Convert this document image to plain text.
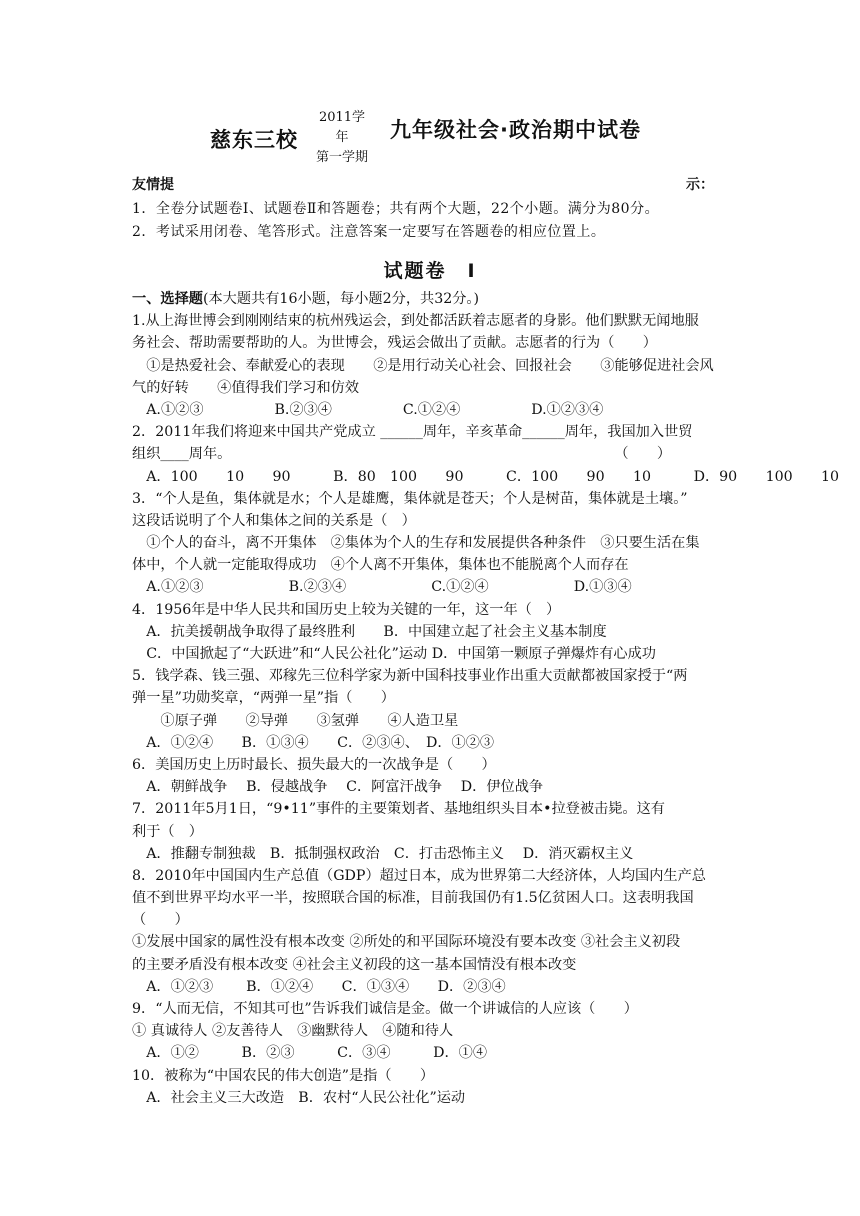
慈东三校
2011学
年
第一学期
九年级社会·政治期中试卷
友情提	示：
1．全卷分试题卷Ⅰ、试题卷Ⅱ和答题卷；共有两个大题，22个小题。满分为80分。
2．考试采用闭卷、笔答形式。注意答案一定要写在答题卷的相应位置上。
试题卷　Ⅰ
一、选择题(本大题共有16小题，每小题2分，共32分。)
1.从上海世博会到刚刚结束的杭州残运会，到处都活跃着志愿者的身影。他们默默无闻地服
务社会、帮助需要帮助的人。为世博会，残运会做出了贡献。志愿者的行为（　　）
　①是热爱社会、奉献爱心的表现　　②是用行动关心社会、回报社会　　③能够促进社会风
气的好转　　④值得我们学习和仿效
　A.①②③　　　　　B.②③④　　　　　C.①②④　　　　　D.①②③④
2．2011年我们将迎来中国共产党成立 ______周年，辛亥革命______周年，我国加入世贸
组织____周年。　　　　　　　　　　　　　　　　　　　　　　　　　　　　（　　）
　A．100　　10　　90　　　B．80　100　　90　　　C．100　　90　　10　　　D．90　　100　　10
3．“个人是鱼，集体就是水；个人是雄鹰，集体就是苍天；个人是树苗，集体就是土壤。”
这段话说明了个人和集体之间的关系是（　）
　①个人的奋斗，离不开集体　②集体为个人的生存和发展提供各种条件　③只要生活在集
体中，个人就一定能取得成功　④个人离不开集体，集体也不能脱离个人而存在
　A.①②③　　　　　　B.②③④　　　　　　C.①②④　　　　　　D.①③④
4．1956年是中华人民共和国历史上较为关键的一年，这一年（　）
　A．抗美援朝战争取得了最终胜利　　B．中国建立起了社会主义基本制度
　C．中国掀起了“大跃进”和“人民公社化”运动 D．中国第一颗原子弹爆炸有心成功
5．钱学森、钱三强、邓稼先三位科学家为新中国科技事业作出重大贡献都被国家授于“两
弹一星”功勋奖章，“两弹一星”指（　　）
　　①原子弹　　②导弹　　③氢弹　　④人造卫星
　A．①②④　　B．①③④　　C．②③④、　D．①②③
6．美国历史上历时最长、损失最大的一次战争是（　　）
　A．朝鲜战争　 B．侵越战争　 C．阿富汗战争　 D．伊位战争
7．2011年5月1日，“9•11”事件的主要策划者、基地组织头目本•拉登被击毙。这有
利于（　）
　A．推翻专制独裁　B．抵制强权政治　C．打击恐怖主义　 D．消灭霸权主义
8．2010年中国国内生产总值（GDP）超过日本，成为世界第二大经济体，人均国内生产总
值不到世界平均水平一半，按照联合国的标准，目前我国仍有1.5亿贫困人口。这表明我国
（　　）
①发展中国家的属性没有根本改变 ②所处的和平国际环境没有要本改变 ③社会主义初段
的主要矛盾没有根本改变 ④社会主义初段的这一基本国情没有根本改变
　A．①②③　　 B．①②④　　C．①③④　　D．②③④
9．“人而无信，不知其可也”告诉我们诚信是金。做一个讲诚信的人应该（　　）
① 真诚待人 ②友善待人　③幽默待人　④随和待人
　A．①②　　　B．②③　　　C．③④　　　D．①④
10．被称为“中国农民的伟大创造”是指（　　）
　A．社会主义三大改造　B．农村“人民公社化”运动
